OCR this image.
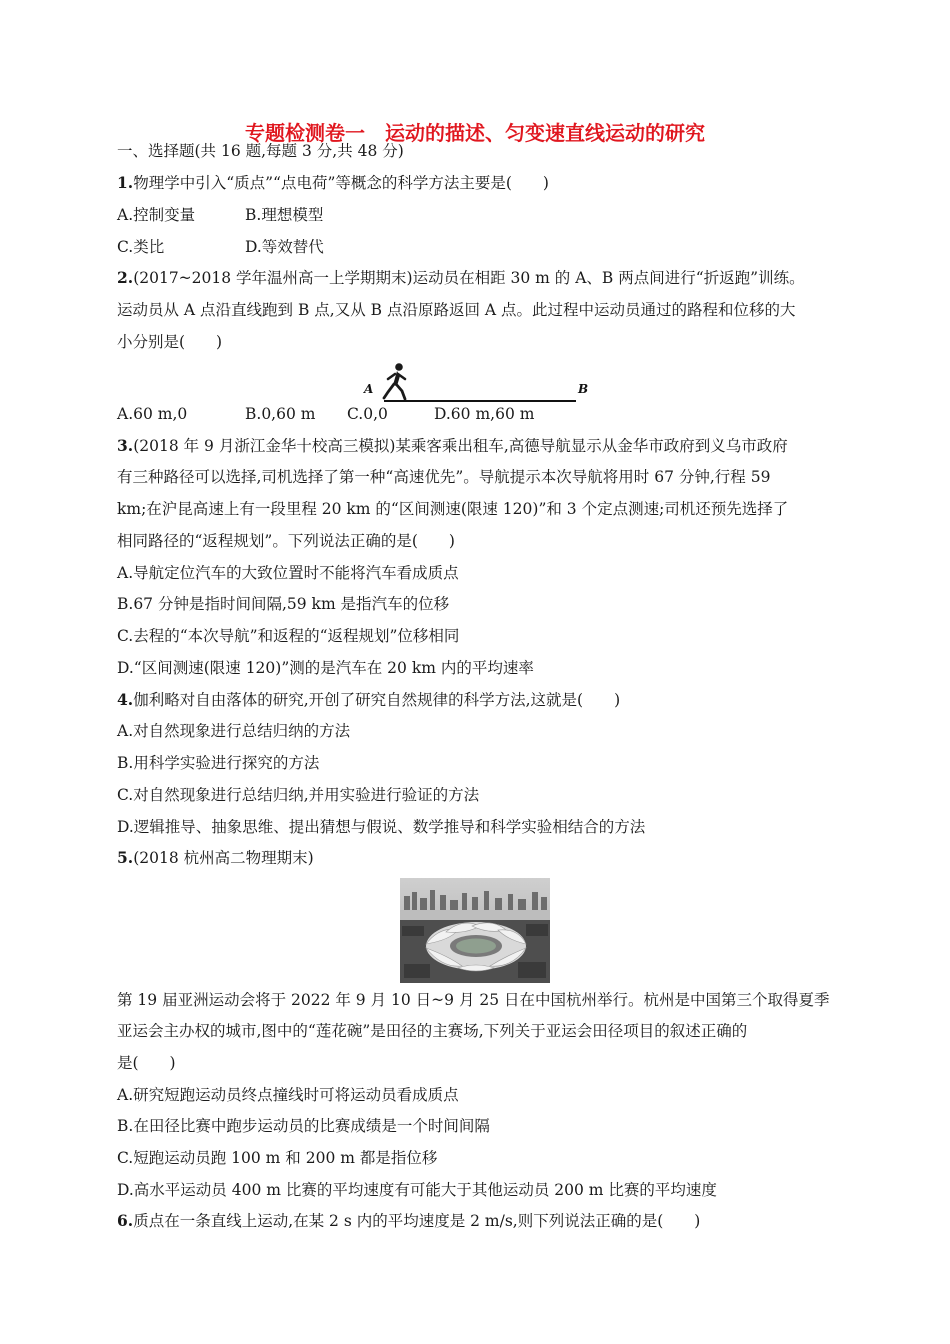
专题检测卷一　运动的描述、匀变速直线运动的研究
一、选择题(共 16 题,每题 3 分,共 48 分)
1.物理学中引入“质点”“点电荷”等概念的科学方法主要是(　　)
A.控制变量	B.理想模型
C.类比	D.等效替代
2.(2017~2018 学年温州高一上学期期末)运动员在相距 30 m 的 A、B 两点间进行“折返跑”训练。
运动员从 A 点沿直线跑到 B 点,又从 B 点沿原路返回 A 点。此过程中运动员通过的路程和位移的大
小分别是(　　)
A	B
A.60 m,0	B.0,60 m C.0,0	D.60 m,60 m
3.(2018 年 9 月浙江金华十校高三模拟)某乘客乘出租车,高德导航显示从金华市政府到义乌市政府
有三种路径可以选择,司机选择了第一种“高速优先”。导航提示本次导航将用时 67 分钟,行程 59
km;在沪昆高速上有一段里程 20 km 的“区间测速(限速 120)”和 3 个定点测速;司机还预先选择了
相同路径的“返程规划”。下列说法正确的是(　　)
A.导航定位汽车的大致位置时不能将汽车看成质点
B.67 分钟是指时间间隔,59 km 是指汽车的位移
C.去程的“本次导航”和返程的“返程规划”位移相同
D.“区间测速(限速 120)”测的是汽车在 20 km 内的平均速率
4.伽利略对自由落体的研究,开创了研究自然规律的科学方法,这就是(　　)
A.对自然现象进行总结归纳的方法
B.用科学实验进行探究的方法
C.对自然现象进行总结归纳,并用实验进行验证的方法
D.逻辑推导、抽象思维、提出猜想与假说、数学推导和科学实验相结合的方法
5.(2018 杭州高二物理期末)
第 19 届亚洲运动会将于 2022 年 9 月 10 日~9 月 25 日在中国杭州举行。杭州是中国第三个取得夏季
亚运会主办权的城市,图中的“莲花碗”是田径的主赛场,下列关于亚运会田径项目的叙述正确的
是(　　)
A.研究短跑运动员终点撞线时可将运动员看成质点
B.在田径比赛中跑步运动员的比赛成绩是一个时间间隔
C.短跑运动员跑 100 m 和 200 m 都是指位移
D.高水平运动员 400 m 比赛的平均速度有可能大于其他运动员 200 m 比赛的平均速度
6.质点在一条直线上运动,在某 2 s 内的平均速度是 2 m/s,则下列说法正确的是(　　)
